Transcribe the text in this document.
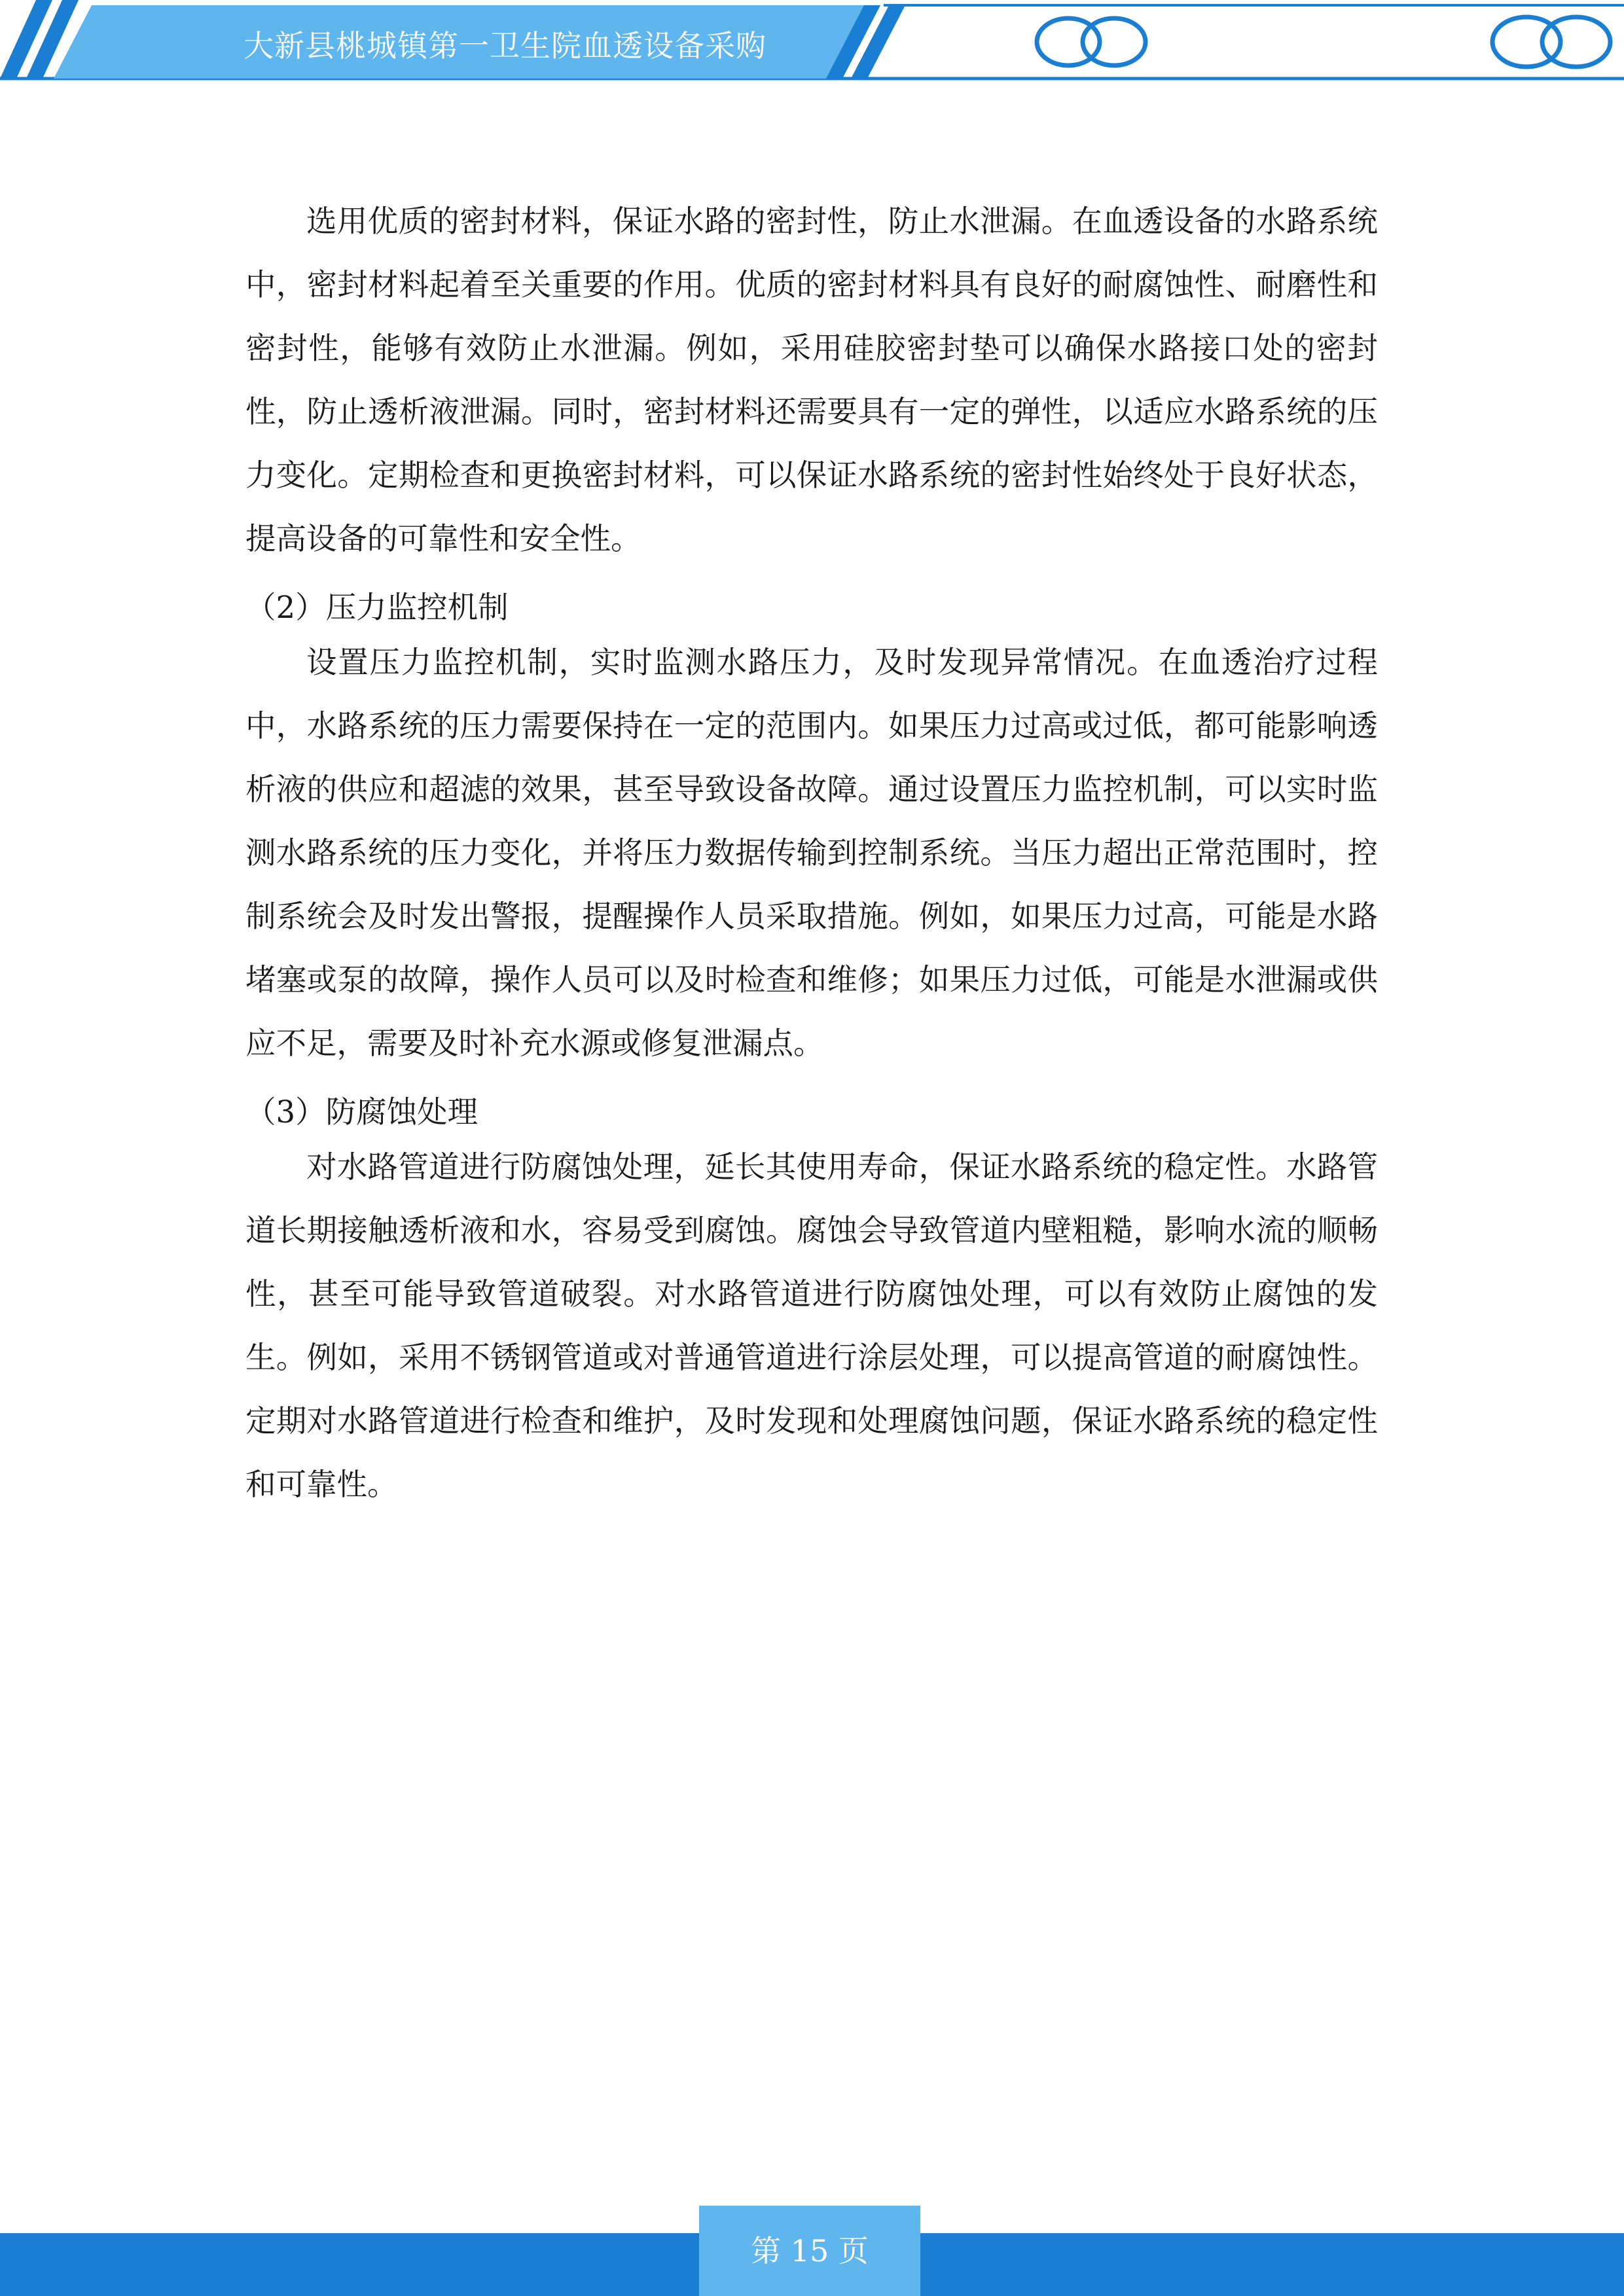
大新县桃城镇第一卫生院血透设备采购

选用优质的密封材料，保证水路的密封性，防止水泄漏。在血透设备的水路系统中，密封材料起着至关重要的作用。优质的密封材料具有良好的耐腐蚀性、耐磨性和密封性，能够有效防止水泄漏。例如，采用硅胶密封垫可以确保水路接口处的密封性，防止透析液泄漏。同时，密封材料还需要具有一定的弹性，以适应水路系统的压力变化。定期检查和更换密封材料，可以保证水路系统的密封性始终处于良好状态，提高设备的可靠性和安全性。

（2）压力监控机制

设置压力监控机制，实时监测水路压力，及时发现异常情况。在血透治疗过程中，水路系统的压力需要保持在一定的范围内。如果压力过高或过低，都可能影响透析液的供应和超滤的效果，甚至导致设备故障。通过设置压力监控机制，可以实时监测水路系统的压力变化，并将压力数据传输到控制系统。当压力超出正常范围时，控制系统会及时发出警报，提醒操作人员采取措施。例如，如果压力过高，可能是水路堵塞或泵的故障，操作人员可以及时检查和维修；如果压力过低，可能是水泄漏或供应不足，需要及时补充水源或修复泄漏点。

（3）防腐蚀处理

对水路管道进行防腐蚀处理，延长其使用寿命，保证水路系统的稳定性。水路管道长期接触透析液和水，容易受到腐蚀。腐蚀会导致管道内壁粗糙，影响水流的顺畅性，甚至可能导致管道破裂。对水路管道进行防腐蚀处理，可以有效防止腐蚀的发生。例如，采用不锈钢管道或对普通管道进行涂层处理，可以提高管道的耐腐蚀性。定期对水路管道进行检查和维护，及时发现和处理腐蚀问题，保证水路系统的稳定性和可靠性。

第 15 页
